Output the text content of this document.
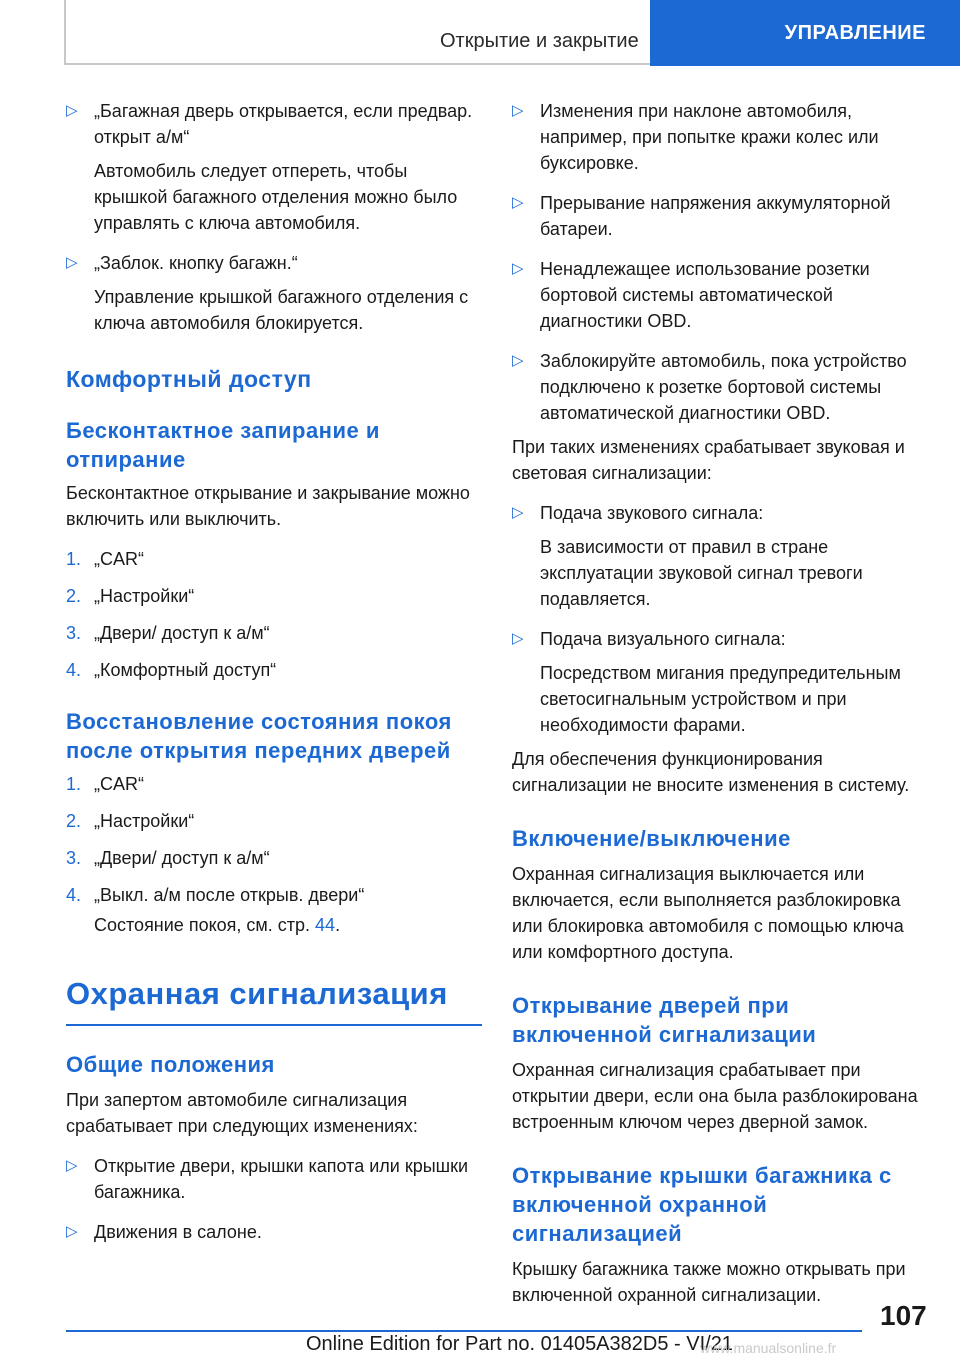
Открытие и закрытие	УПРАВЛЕНИЕ
▷ „Багажная дверь открывается, если предвар. открыт а/м“
Автомобиль следует отпереть, чтобы крышкой багажного отделения можно было управлять с ключа автомобиля.
▷ „Заблок. кнопку багажн.“
Управление крышкой багажного отделения с ключа автомобиля блокируется.
Комфортный доступ
Бесконтактное запирание и отпирание

Бесконтактное открывание и закрывание можно включить или выключить.

1. „CAR“
2. „Настройки“
3. „Двери/ доступ к а/м“
4. „Комфортный доступ“
Восстановление состояния покоя после открытия передних дверей
1. „CAR“
2. „Настройки“
3. „Двери/ доступ к а/м“
4. „Выкл. а/м после открыв. двери“
Состояние покоя, см. стр. 44.
Охранная сигнализация
Общие положения

При запертом автомобиле сигнализация срабатывает при следующих изменениях:

▷ Открытие двери, крышки капота или крышки багажника.
▷ Движения в салоне.
▷ Изменения при наклоне автомобиля, например, при попытке кражи колес или буксировке.
▷ Прерывание напряжения аккумуляторной батареи.
▷ Ненадлежащее использование розетки бортовой системы автоматической диагностики OBD.
▷ Заблокируйте автомобиль, пока устройство подключено к розетке бортовой системы автоматической диагностики OBD.

При таких изменениях срабатывает звуковая и световая сигнализации:

▷ Подача звукового сигнала:
В зависимости от правил в стране эксплуатации звуковой сигнал тревоги подавляется.
▷ Подача визуального сигнала:
Посредством мигания предупредительным светосигнальным устройством и при необходимости фарами.

Для обеспечения функционирования сигнализации не вносите изменения в систему.

Включение/выключение

Охранная сигнализация выключается или включается, если выполняется разблокировка или блокировка автомобиля с помощью ключа или комфортного доступа.

Открывание дверей при включенной сигнализации

Охранная сигнализация срабатывает при открытии двери, если она была разблокирована встроенным ключом через дверной замок.

Открывание крышки багажника с включенной охранной сигнализацией

Крышку багажника также можно открывать при включенной охранной сигнализации.

107
Online Edition for Part no. 01405A382D5 - VI/21
www.manualsonline.fr
